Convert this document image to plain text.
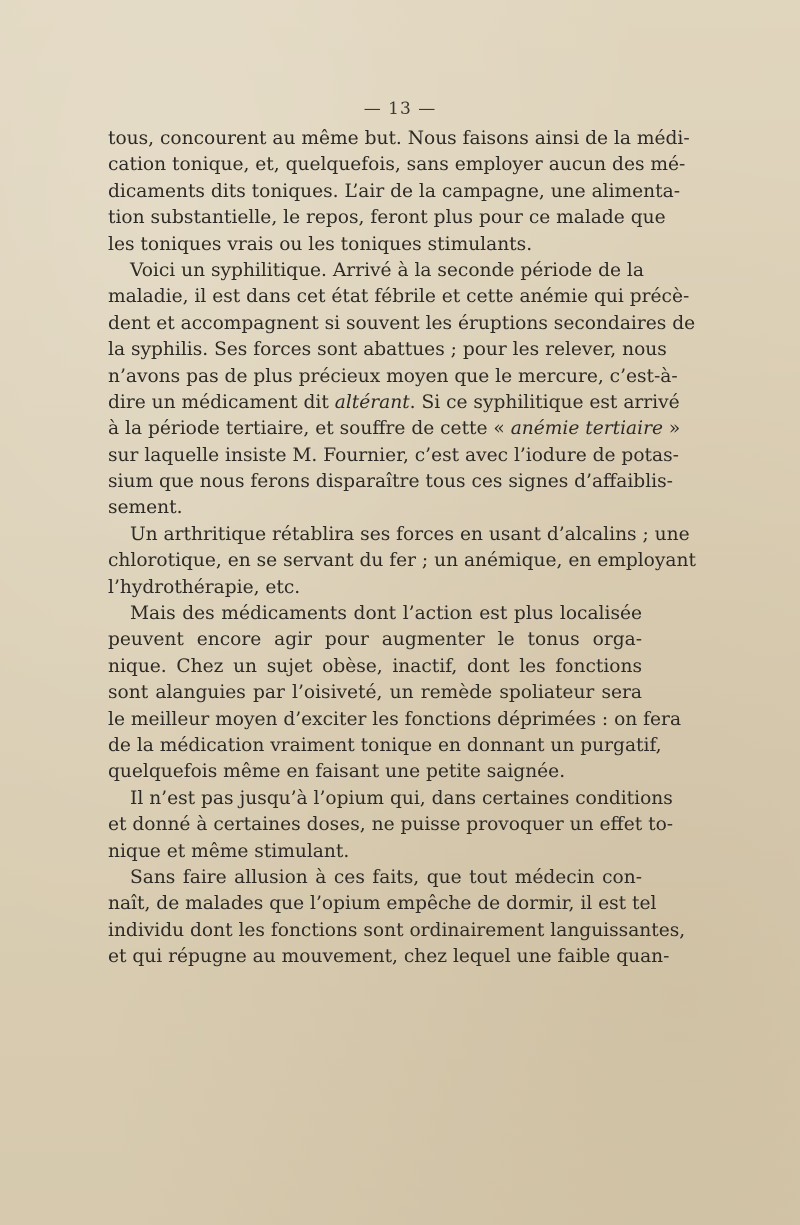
— 13 —
tous, concourent au même but. Nous faisons ainsi de la médi-
cation tonique, et, quelquefois, sans employer aucun des mé-
dicaments dits toniques. L’air de la campagne, une alimenta-
tion substantielle, le repos, feront plus pour ce malade que
les toniques vrais ou les toniques stimulants.
Voici un syphilitique. Arrivé à la seconde période de la
maladie, il est dans cet état fébrile et cette anémie qui précè-
dent et accompagnent si souvent les éruptions secondaires de
la syphilis. Ses forces sont abattues ; pour les relever, nous
n’avons pas de plus précieux moyen que le mercure, c’est-à-
dire un médicament dit altérant. Si ce syphilitique est arrivé
à la période tertiaire, et souffre de cette « anémie tertiaire »
sur laquelle insiste M. Fournier, c’est avec l’iodure de potas-
sium que nous ferons disparaître tous ces signes d’affaiblis-
sement.
Un arthritique rétablira ses forces en usant d’alcalins ; une
chlorotique, en se servant du fer ; un anémique, en employant
l’hydrothérapie, etc.
Mais des médicaments dont l’action est plus localisée
peuvent encore agir pour augmenter le tonus orga-
nique. Chez un sujet obèse, inactif, dont les fonctions
sont alanguies par l’oisiveté, un remède spoliateur sera
le meilleur moyen d’exciter les fonctions déprimées : on fera
de la médication vraiment tonique en donnant un purgatif,
quelquefois même en faisant une petite saignée.
Il n’est pas jusqu’à l’opium qui, dans certaines conditions
et donné à certaines doses, ne puisse provoquer un effet to-
nique et même stimulant.
Sans faire allusion à ces faits, que tout médecin con-
naît, de malades que l’opium empêche de dormir, il est tel
individu dont les fonctions sont ordinairement languissantes,
et qui répugne au mouvement, chez lequel une faible quan-
